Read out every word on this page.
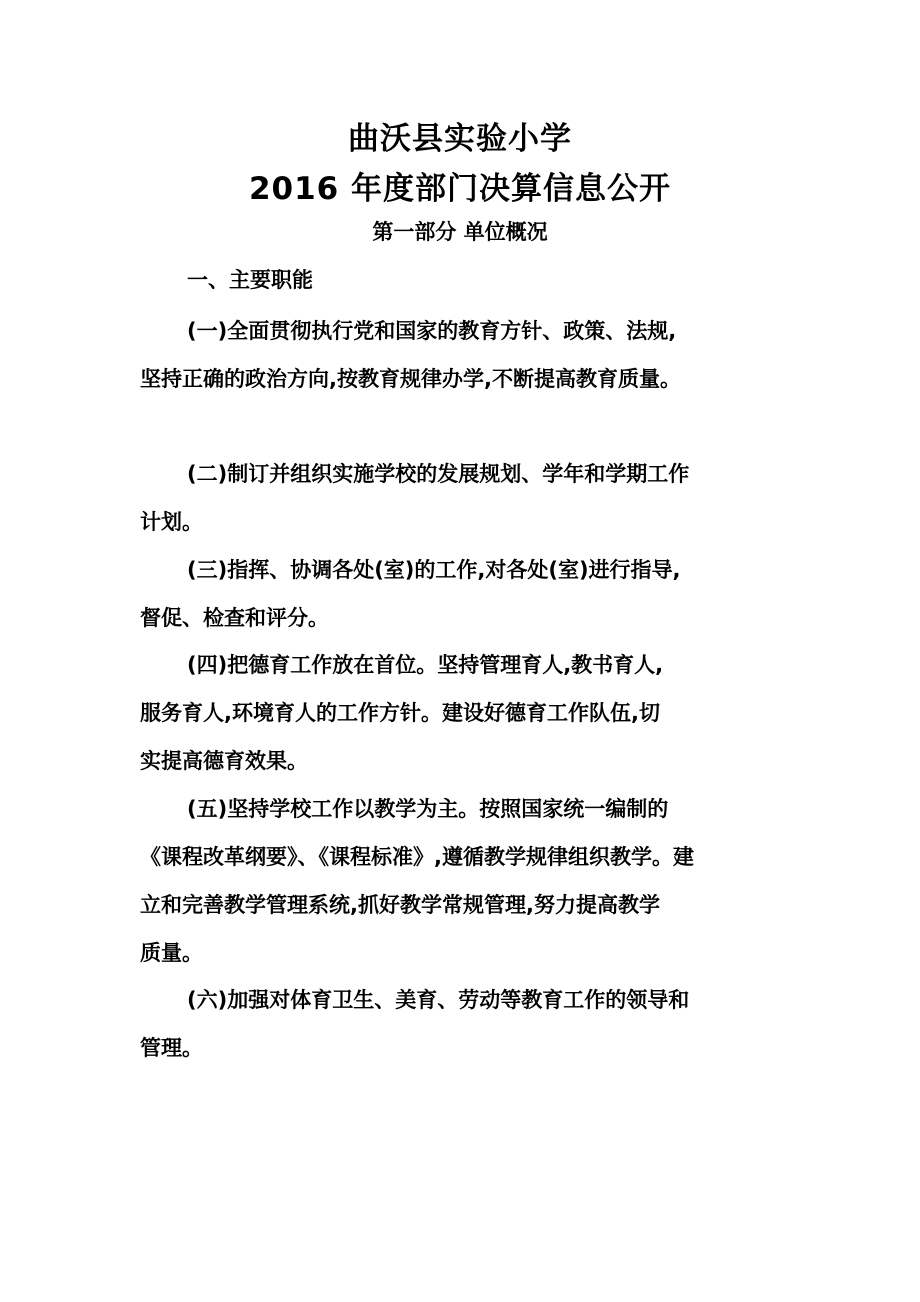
曲沃县实验小学
2016 年度部门决算信息公开
第一部分 单位概况
一、主要职能
(一)全面贯彻执行党和国家的教育方针、政策、法规,
坚持正确的政治方向,按教育规律办学,不断提高教育质量。
(二)制订并组织实施学校的发展规划、学年和学期工作
计划。
(三)指挥、协调各处(室)的工作,对各处(室)进行指导,
督促、检查和评分。
(四)把德育工作放在首位。坚持管理育人,教书育人,
服务育人,环境育人的工作方针。建设好德育工作队伍,切
实提高德育效果。
(五)坚持学校工作以教学为主。按照国家统一编制的
《课程改革纲要》、《课程标准》,遵循教学规律组织教学。建
立和完善教学管理系统,抓好教学常规管理,努力提高教学
质量。
(六)加强对体育卫生、美育、劳动等教育工作的领导和
管理。
